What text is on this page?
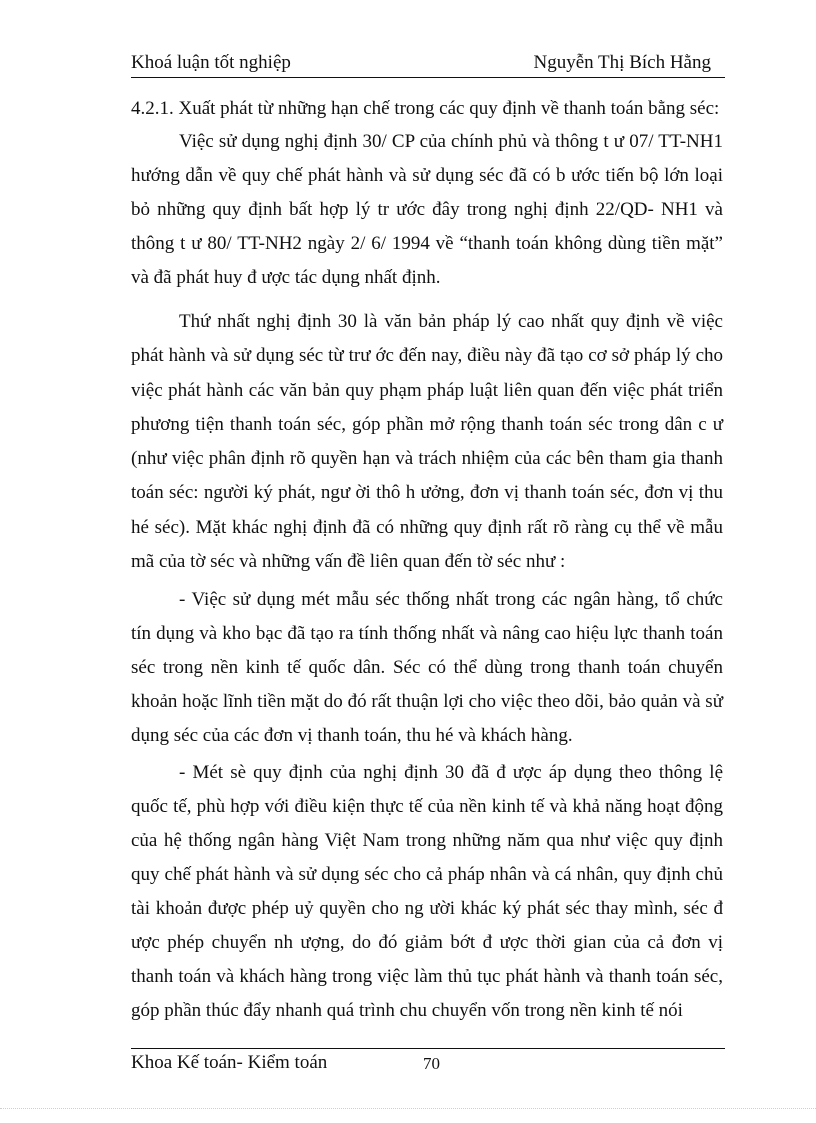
Khoá luận tốt nghiệp	Nguyễn Thị Bích Hằng

4.2.1. Xuất phát từ những hạn chế trong các quy định về thanh toán bằng séc:

Việc sử dụng nghị định 30/ CP của chính phủ và thông t ư 07/ TT-NH1 hướng dẫn về quy chế phát hành và sử dụng séc đã có b ước tiến bộ lớn loại bỏ những quy định bất hợp lý tr ước đây trong nghị định 22/QD- NH1 và thông t ư 80/ TT-NH2 ngày 2/ 6/ 1994 về “thanh toán không dùng tiền mặt” và đã phát huy đ ược tác dụng nhất định.

Thứ nhất nghị định 30 là văn bản pháp lý cao nhất quy định về việc phát hành và sử dụng séc từ trư ớc đến nay, điều này đã tạo cơ sở pháp lý cho việc phát hành các văn bản quy phạm pháp luật liên quan đến việc phát triển phương tiện thanh toán séc, góp phần mở rộng thanh toán séc trong dân c ư (như việc phân định rõ quyền hạn và trách nhiệm của các bên tham gia thanh toán séc: người ký phát, ngư ời thô h ưởng, đơn vị thanh toán séc, đơn vị thu hé séc). Mặt khác nghị định đã có những quy định rất rõ ràng cụ thể về mẫu mã của tờ séc và những vấn đề liên quan đến tờ séc như :

- Việc sử dụng mét mẫu séc thống nhất trong các ngân hàng, tổ chức tín dụng và kho bạc đã tạo ra tính thống nhất và nâng cao hiệu lực thanh toán séc trong nền kinh tế quốc dân. Séc có thể dùng trong thanh toán chuyển khoản hoặc lĩnh tiền mặt do đó rất thuận lợi cho việc theo dõi, bảo quản và sử dụng séc của các đơn vị thanh toán, thu hé và khách hàng.

- Mét sè quy định của nghị định 30 đã đ ược áp dụng theo thông lệ quốc tế, phù hợp với điều kiện thực tế của nền kinh tế và khả năng hoạt động của hệ thống ngân hàng Việt Nam trong những năm qua như việc quy định quy chế phát hành và sử dụng séc cho cả pháp nhân và cá nhân, quy định chủ tài khoản được phép uỷ quyền cho ng ười khác ký phát séc thay mình, séc đ ược phép chuyển nh ượng, do đó giảm bớt đ ược thời gian của cả đơn vị thanh toán và khách hàng trong việc làm thủ tục phát hành và thanh toán séc, góp phần thúc đẩy nhanh quá trình chu chuyển vốn trong nền kinh tế nói

Khoa Kế toán- Kiểm toán	70
